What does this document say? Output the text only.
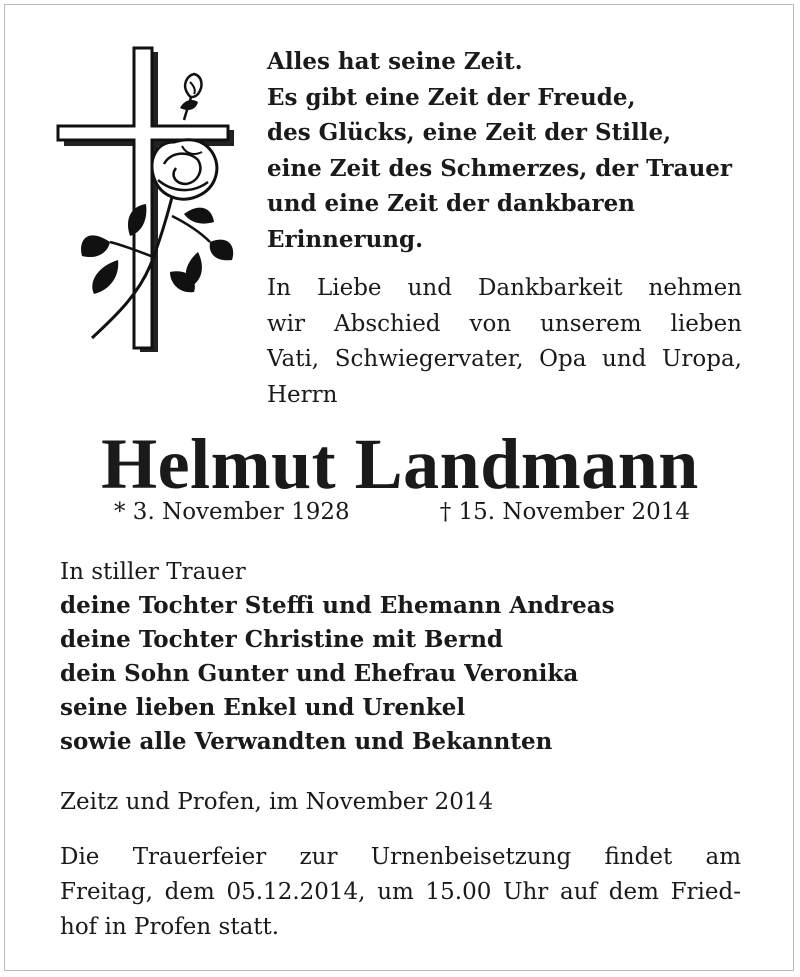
Alles hat seine Zeit.
Es gibt eine Zeit der Freude,
des Glücks, eine Zeit der Stille,
eine Zeit des Schmerzes, der Trauer
und eine Zeit der dankbaren
Erinnerung.
In Liebe und Dankbarkeit nehmen
wir Abschied von unserem lieben
Vati, Schwiegervater, Opa und Uropa,
Herrn
Helmut Landmann
* 3. November 1928	† 15. November 2014
In stiller Trauer
deine Tochter Steffi und Ehemann Andreas
deine Tochter Christine mit Bernd
dein Sohn Gunter und Ehefrau Veronika
seine lieben Enkel und Urenkel
sowie alle Verwandten und Bekannten
Zeitz und Profen, im November 2014
Die Trauerfeier zur Urnenbeisetzung findet am
Freitag, dem 05.12.2014, um 15.00 Uhr auf dem Fried-
hof in Profen statt.
